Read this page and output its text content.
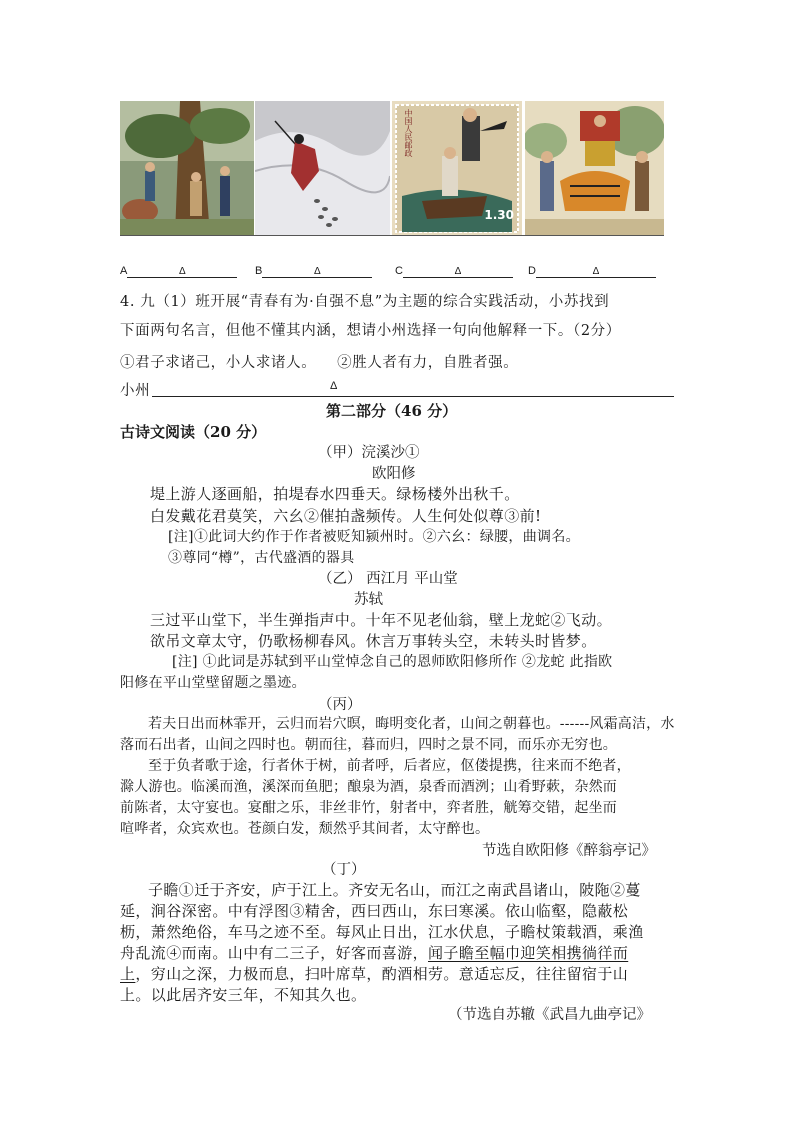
中国人民邮政
1.30
A	Δ	B	Δ	C	Δ	D	Δ
4. 九（1）班开展“青春有为·自强不息”为主题的综合实践活动，小苏找到
下面两句名言，但他不懂其内涵，想请小州选择一句向他解释一下。（2分）
①君子求诸己，小人求诸人。    ②胜人者有力，自胜者强。
小州	Δ
第二部分（46 分）
古诗文阅读（20 分）
（甲）浣溪沙①
欧阳修
堤上游人逐画船，拍堤春水四垂天。绿杨楼外出秋千。
白发戴花君莫笑，六幺②催拍盏频传。人生何处似尊③前!
[注]①此词大约作于作者被贬知颍州时。②六幺：绿腰，曲调名。
③尊同“樽”，古代盛酒的器具
（乙） 西江月 平山堂
苏轼
三过平山堂下，半生弹指声中。十年不见老仙翁，壁上龙蛇②飞动。
欲吊文章太守，仍歌杨柳春风。休言万事转头空，未转头时皆梦。
[注] ①此词是苏轼到平山堂悼念自己的恩师欧阳修所作 ②龙蛇 此指欧
阳修在平山堂壁留题之墨迹。
（丙）
若夫日出而林霏开，云归而岩穴暝，晦明变化者，山间之朝暮也。------风霜高洁，水
落而石出者，山间之四时也。朝而往，暮而归，四时之景不同，而乐亦无穷也。
至于负者歌于途，行者休于树，前者呼，后者应，伛偻提携，往来而不绝者，
滁人游也。临溪而渔，溪深而鱼肥；酿泉为酒，泉香而酒洌；山肴野蔌，杂然而
前陈者，太守宴也。宴酣之乐，非丝非竹，射者中，弈者胜，觥筹交错，起坐而
喧哗者，众宾欢也。苍颜白发，颓然乎其间者，太守醉也。
节选自欧阳修《醉翁亭记》
（丁）
子瞻①迁于齐安，庐于江上。齐安无名山，而江之南武昌诸山，陂陁②蔓
延，涧谷深密。中有浮图③精舍，西曰西山，东曰寒溪。依山临壑，隐蔽松
枥，萧然绝俗，车马之迹不至。每风止日出，江水伏息，子瞻杖策载酒，乘渔
舟乱流④而南。山中有二三子，好客而喜游，闻子瞻至幅巾迎笑相携徜徉而
上，穷山之深，力极而息，扫叶席草，酌酒相劳。意适忘反，往往留宿于山
上。以此居齐安三年，不知其久也。
（节选自苏辙《武昌九曲亭记》
